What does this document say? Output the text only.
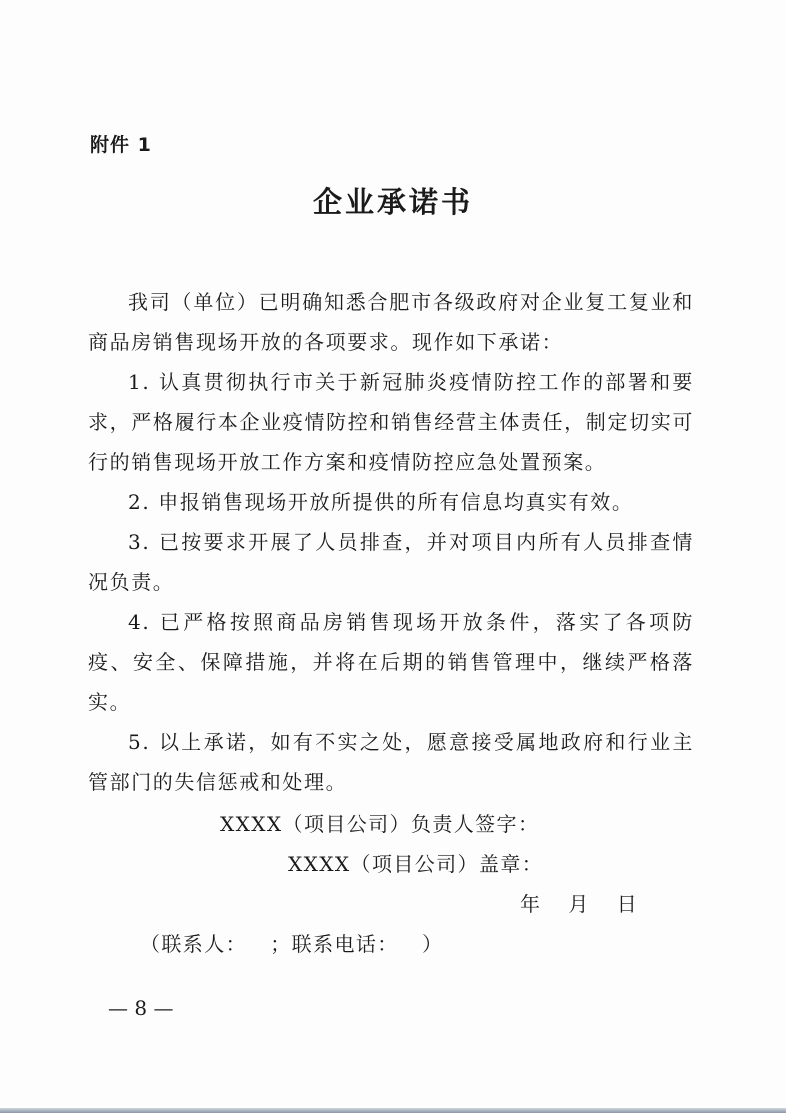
附件 1
企业承诺书

我司（单位）已明确知悉合肥市各级政府对企业复工复业和商品房销售现场开放的各项要求。现作如下承诺：

1. 认真贯彻执行市关于新冠肺炎疫情防控工作的部署和要求，严格履行本企业疫情防控和销售经营主体责任，制定切实可行的销售现场开放工作方案和疫情防控应急处置预案。

2. 申报销售现场开放所提供的所有信息均真实有效。

3. 已按要求开展了人员排查，并对项目内所有人员排查情况负责。

4. 已严格按照商品房销售现场开放条件，落实了各项防疫、安全、保障措施，并将在后期的销售管理中，继续严格落实。

5. 以上承诺，如有不实之处，愿意接受属地政府和行业主管部门的失信惩戒和处理。

XXXX（项目公司）负责人签字：
XXXX（项目公司）盖章：
年 月 日
（联系人：   ；联系电话：   ）
— 8 —
